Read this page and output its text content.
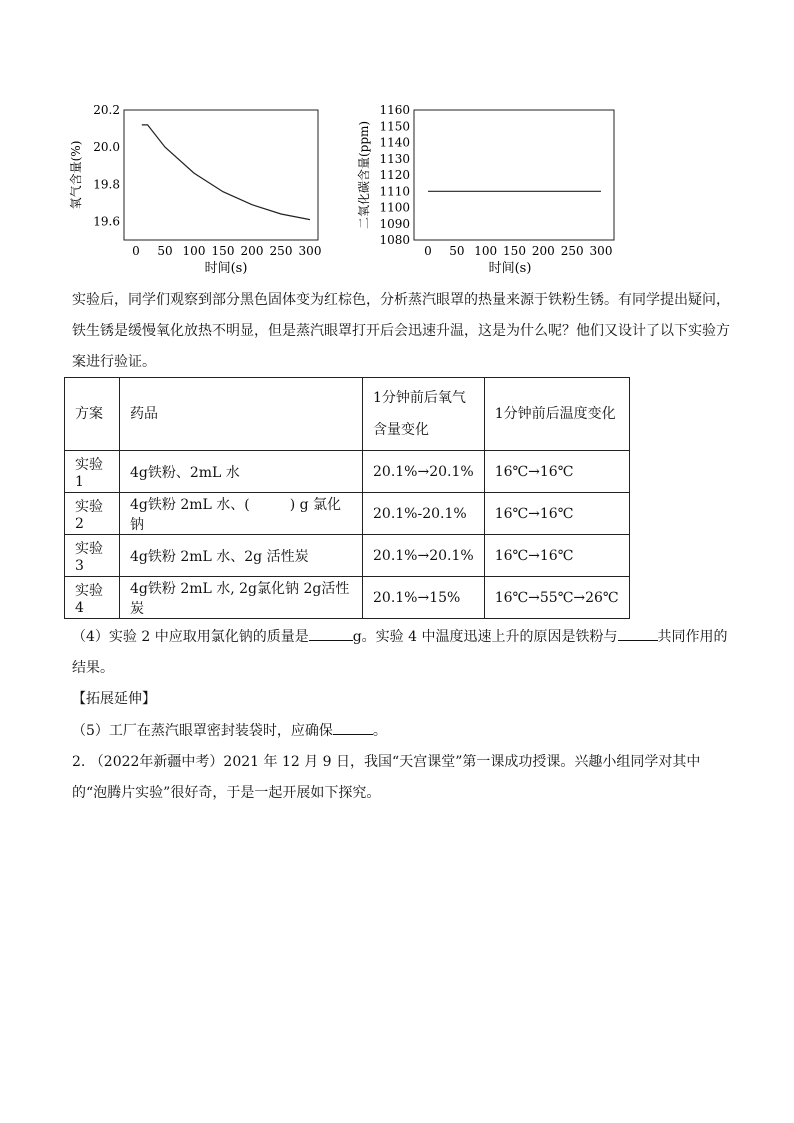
20.2
20.0
19.8
19.6
0 50 100 150 200 250 300
时间(s)
氧气含量(%)
1160
1150
1140
1130
1120
1110
1100
1090
1080
0 50 100 150 200 250 300
时间(s)
二氧化碳含量(ppm)
实验后，同学们观察到部分黑色固体变为红棕色，分析蒸汽眼罩的热量来源于铁粉生锈。有同学提出疑问，铁生锈是缓慢氧化放热不明显，但是蒸汽眼罩打开后会迅速升温，这是为什么呢？他们又设计了以下实验方案进行验证。
方案	药品	1分钟前后氧气含量变化	1分钟前后温度变化
实验 1	4g铁粉、2mL 水	20.1%→20.1%	16℃→16℃
实验 2	4g铁粉 2mL 水、( ) g 氯化钠	20.1%-20.1%	16℃→16℃
实验 3	4g铁粉 2mL 水、2g 活性炭	20.1%→20.1%	16℃→16℃
实验 4	4g铁粉 2mL 水, 2g氯化钠 2g活性炭	20.1%→15%	16℃→55℃→26℃
（4）实验 2 中应取用氯化钠的质量是	g。实验 4 中温度迅速上升的原因是铁粉与	共同作用的结果。
【拓展延伸】
（5）工厂在蒸汽眼罩密封装袋时，应确保	。
2. （2022年新疆中考）2021 年 12 月 9 日，我国“天宫课堂”第一课成功授课。兴趣小组同学对其中的“泡腾片实验”很好奇，于是一起开展如下探究。
